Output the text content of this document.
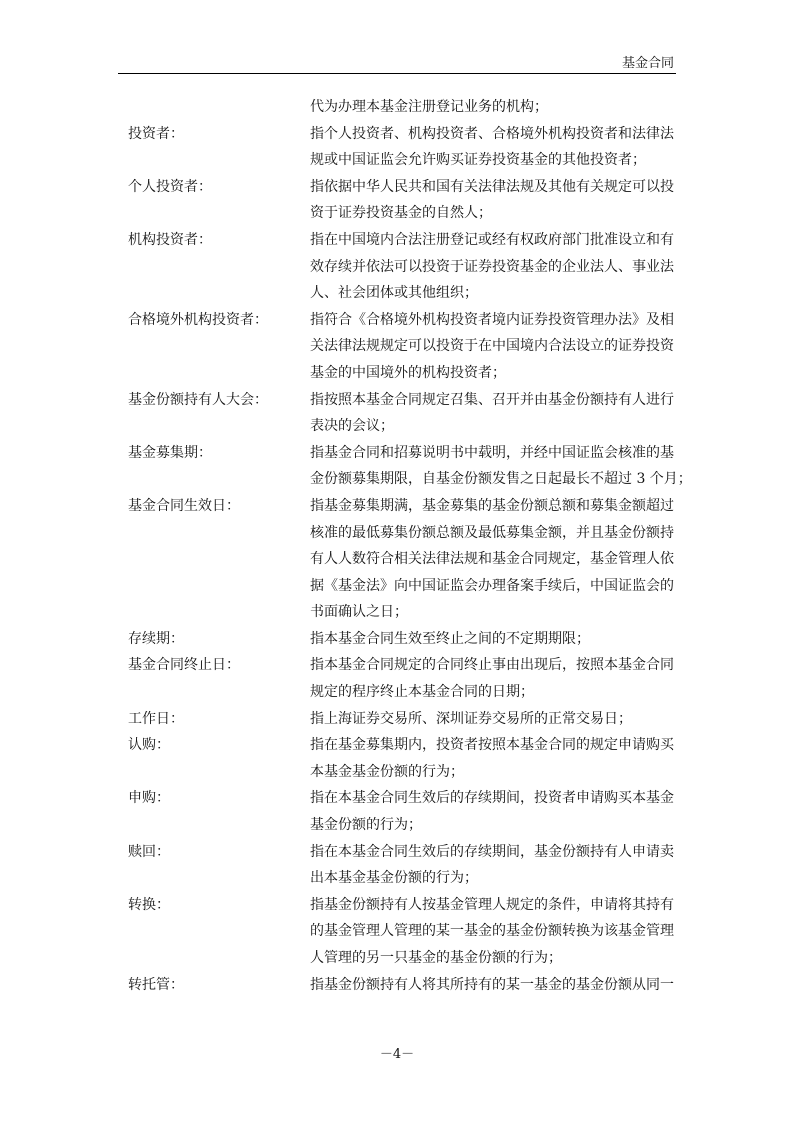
基金合同
代为办理本基金注册登记业务的机构；
投资者：	指个人投资者、机构投资者、合格境外机构投资者和法律法
规或中国证监会允许购买证券投资基金的其他投资者；
个人投资者：	指依据中华人民共和国有关法律法规及其他有关规定可以投
资于证券投资基金的自然人；
机构投资者：	指在中国境内合法注册登记或经有权政府部门批准设立和有
效存续并依法可以投资于证券投资基金的企业法人、事业法
人、社会团体或其他组织；
合格境外机构投资者：	指符合《合格境外机构投资者境内证券投资管理办法》及相
关法律法规规定可以投资于在中国境内合法设立的证券投资
基金的中国境外的机构投资者；
基金份额持有人大会：	指按照本基金合同规定召集、召开并由基金份额持有人进行
表决的会议；
基金募集期：	指基金合同和招募说明书中载明，并经中国证监会核准的基
金份额募集期限，自基金份额发售之日起最长不超过 3 个月；
基金合同生效日：	指基金募集期满，基金募集的基金份额总额和募集金额超过
核准的最低募集份额总额及最低募集金额，并且基金份额持
有人人数符合相关法律法规和基金合同规定，基金管理人依
据《基金法》向中国证监会办理备案手续后，中国证监会的
书面确认之日；
存续期：	指本基金合同生效至终止之间的不定期期限；
基金合同终止日：	指本基金合同规定的合同终止事由出现后，按照本基金合同
规定的程序终止本基金合同的日期；
工作日：	指上海证券交易所、深圳证券交易所的正常交易日；
认购：	指在基金募集期内，投资者按照本基金合同的规定申请购买
本基金基金份额的行为；
申购：	指在本基金合同生效后的存续期间，投资者申请购买本基金
基金份额的行为；
赎回：	指在本基金合同生效后的存续期间，基金份额持有人申请卖
出本基金基金份额的行为；
转换：	指基金份额持有人按基金管理人规定的条件，申请将其持有
的基金管理人管理的某一基金的基金份额转换为该基金管理
人管理的另一只基金的基金份额的行为；
转托管：	指基金份额持有人将其所持有的某一基金的基金份额从同一
－4－
